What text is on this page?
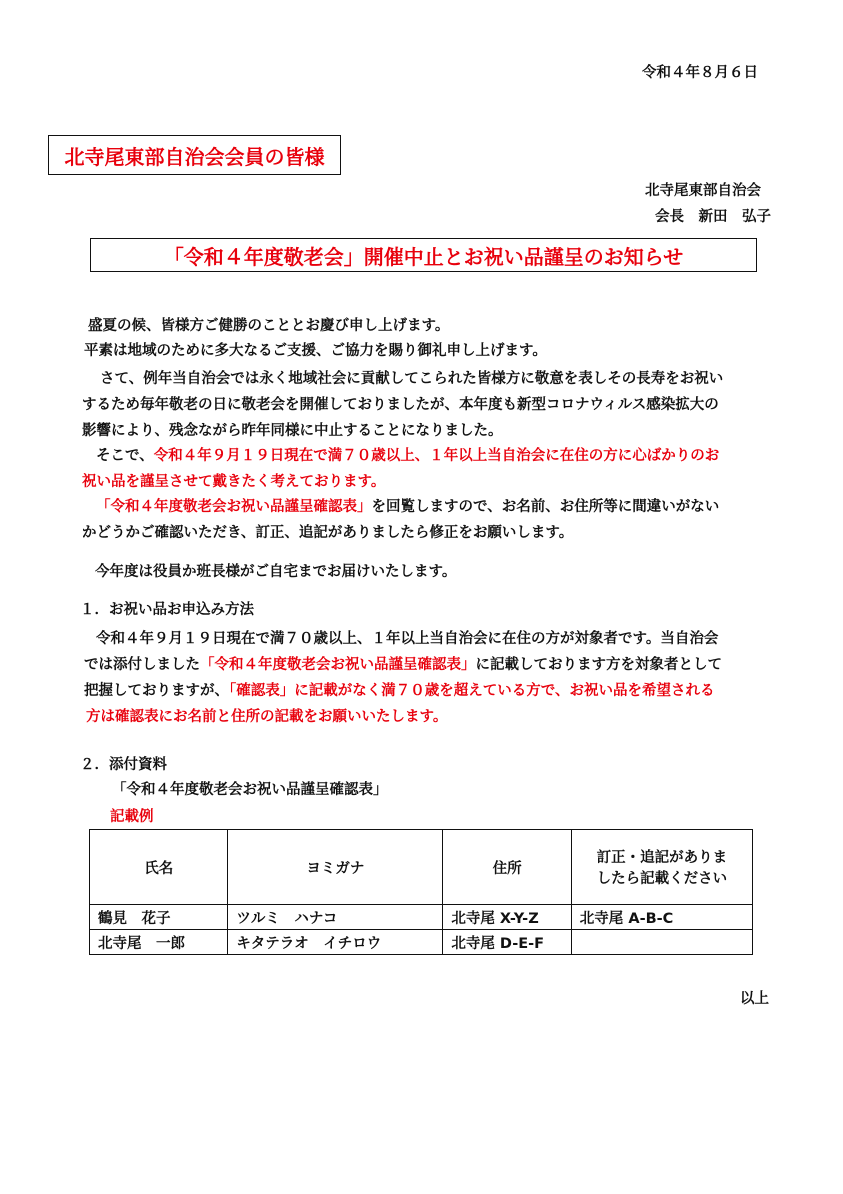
令和４年８月６日
北寺尾東部自治会会員の皆様
北寺尾東部自治会
会長　新田　弘子
「令和４年度敬老会」開催中止とお祝い品謹呈のお知らせ
盛夏の候、皆様方ご健勝のこととお慶び申し上げます。
平素は地域のために多大なるご支援、ご協力を賜り御礼申し上げます。
さて、例年当自治会では永く地域社会に貢献してこられた皆様方に敬意を表しその長寿をお祝い
するため毎年敬老の日に敬老会を開催しておりましたが、本年度も新型コロナウィルス感染拡大の
影響により、残念ながら昨年同様に中止することになりました。
そこで、令和４年９月１９日現在で満７０歳以上、１年以上当自治会に在住の方に心ばかりのお
祝い品を謹呈させて戴きたく考えております。
「令和４年度敬老会お祝い品謹呈確認表」を回覧しますので、お名前、お住所等に間違いがない
かどうかご確認いただき、訂正、追記がありましたら修正をお願いします。
今年度は役員か班長様がご自宅までお届けいたします。
１．お祝い品お申込み方法
令和４年９月１９日現在で満７０歳以上、１年以上当自治会に在住の方が対象者です。当自治会
では添付しました「令和４年度敬老会お祝い品謹呈確認表」に記載しております方を対象者として
把握しておりますが、「確認表」に記載がなく満７０歳を超えている方で、お祝い品を希望される
方は確認表にお名前と住所の記載をお願いいたします。
２．添付資料
「令和４年度敬老会お祝い品謹呈確認表」
記載例
氏名	ヨミガナ	住所	訂正・追記がありま
したら記載ください

鶴見　花子	ツルミ　ハナコ	北寺尾 X-Y-Z	北寺尾 A-B-C
北寺尾　一郎	キタテラオ　イチロウ	北寺尾 D-E-F	
以上
